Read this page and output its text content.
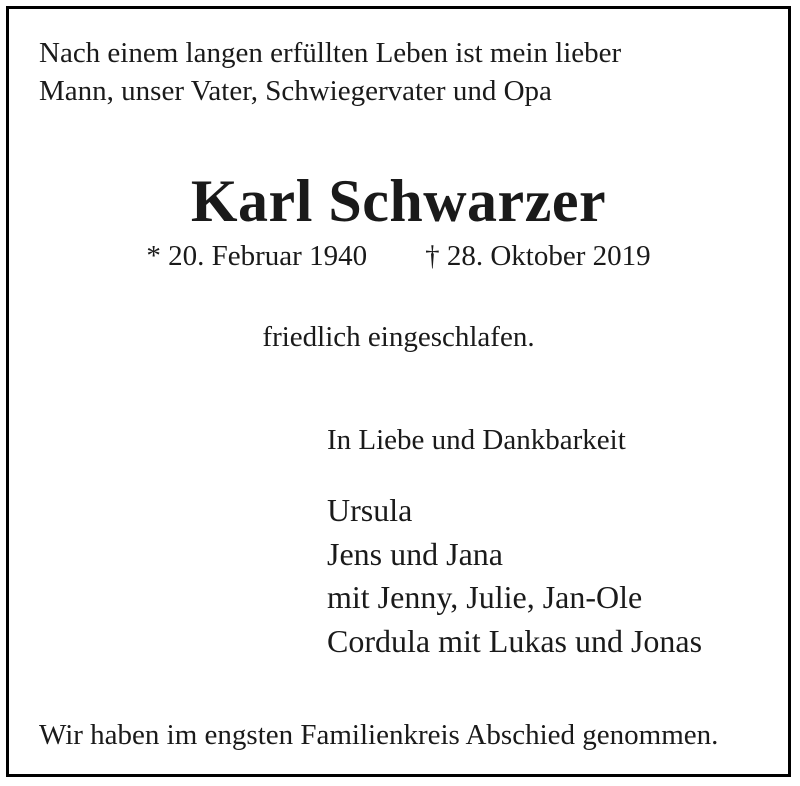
Nach einem langen erfüllten Leben ist mein lieber
Mann, unser Vater, Schwiegervater und Opa
Karl Schwarzer
* 20. Februar 1940 † 28. Oktober 2019
friedlich eingeschlafen.
In Liebe und Dankbarkeit
Ursula
Jens und Jana
mit Jenny, Julie, Jan-Ole
Cordula mit Lukas und Jonas
Wir haben im engsten Familienkreis Abschied genommen.
